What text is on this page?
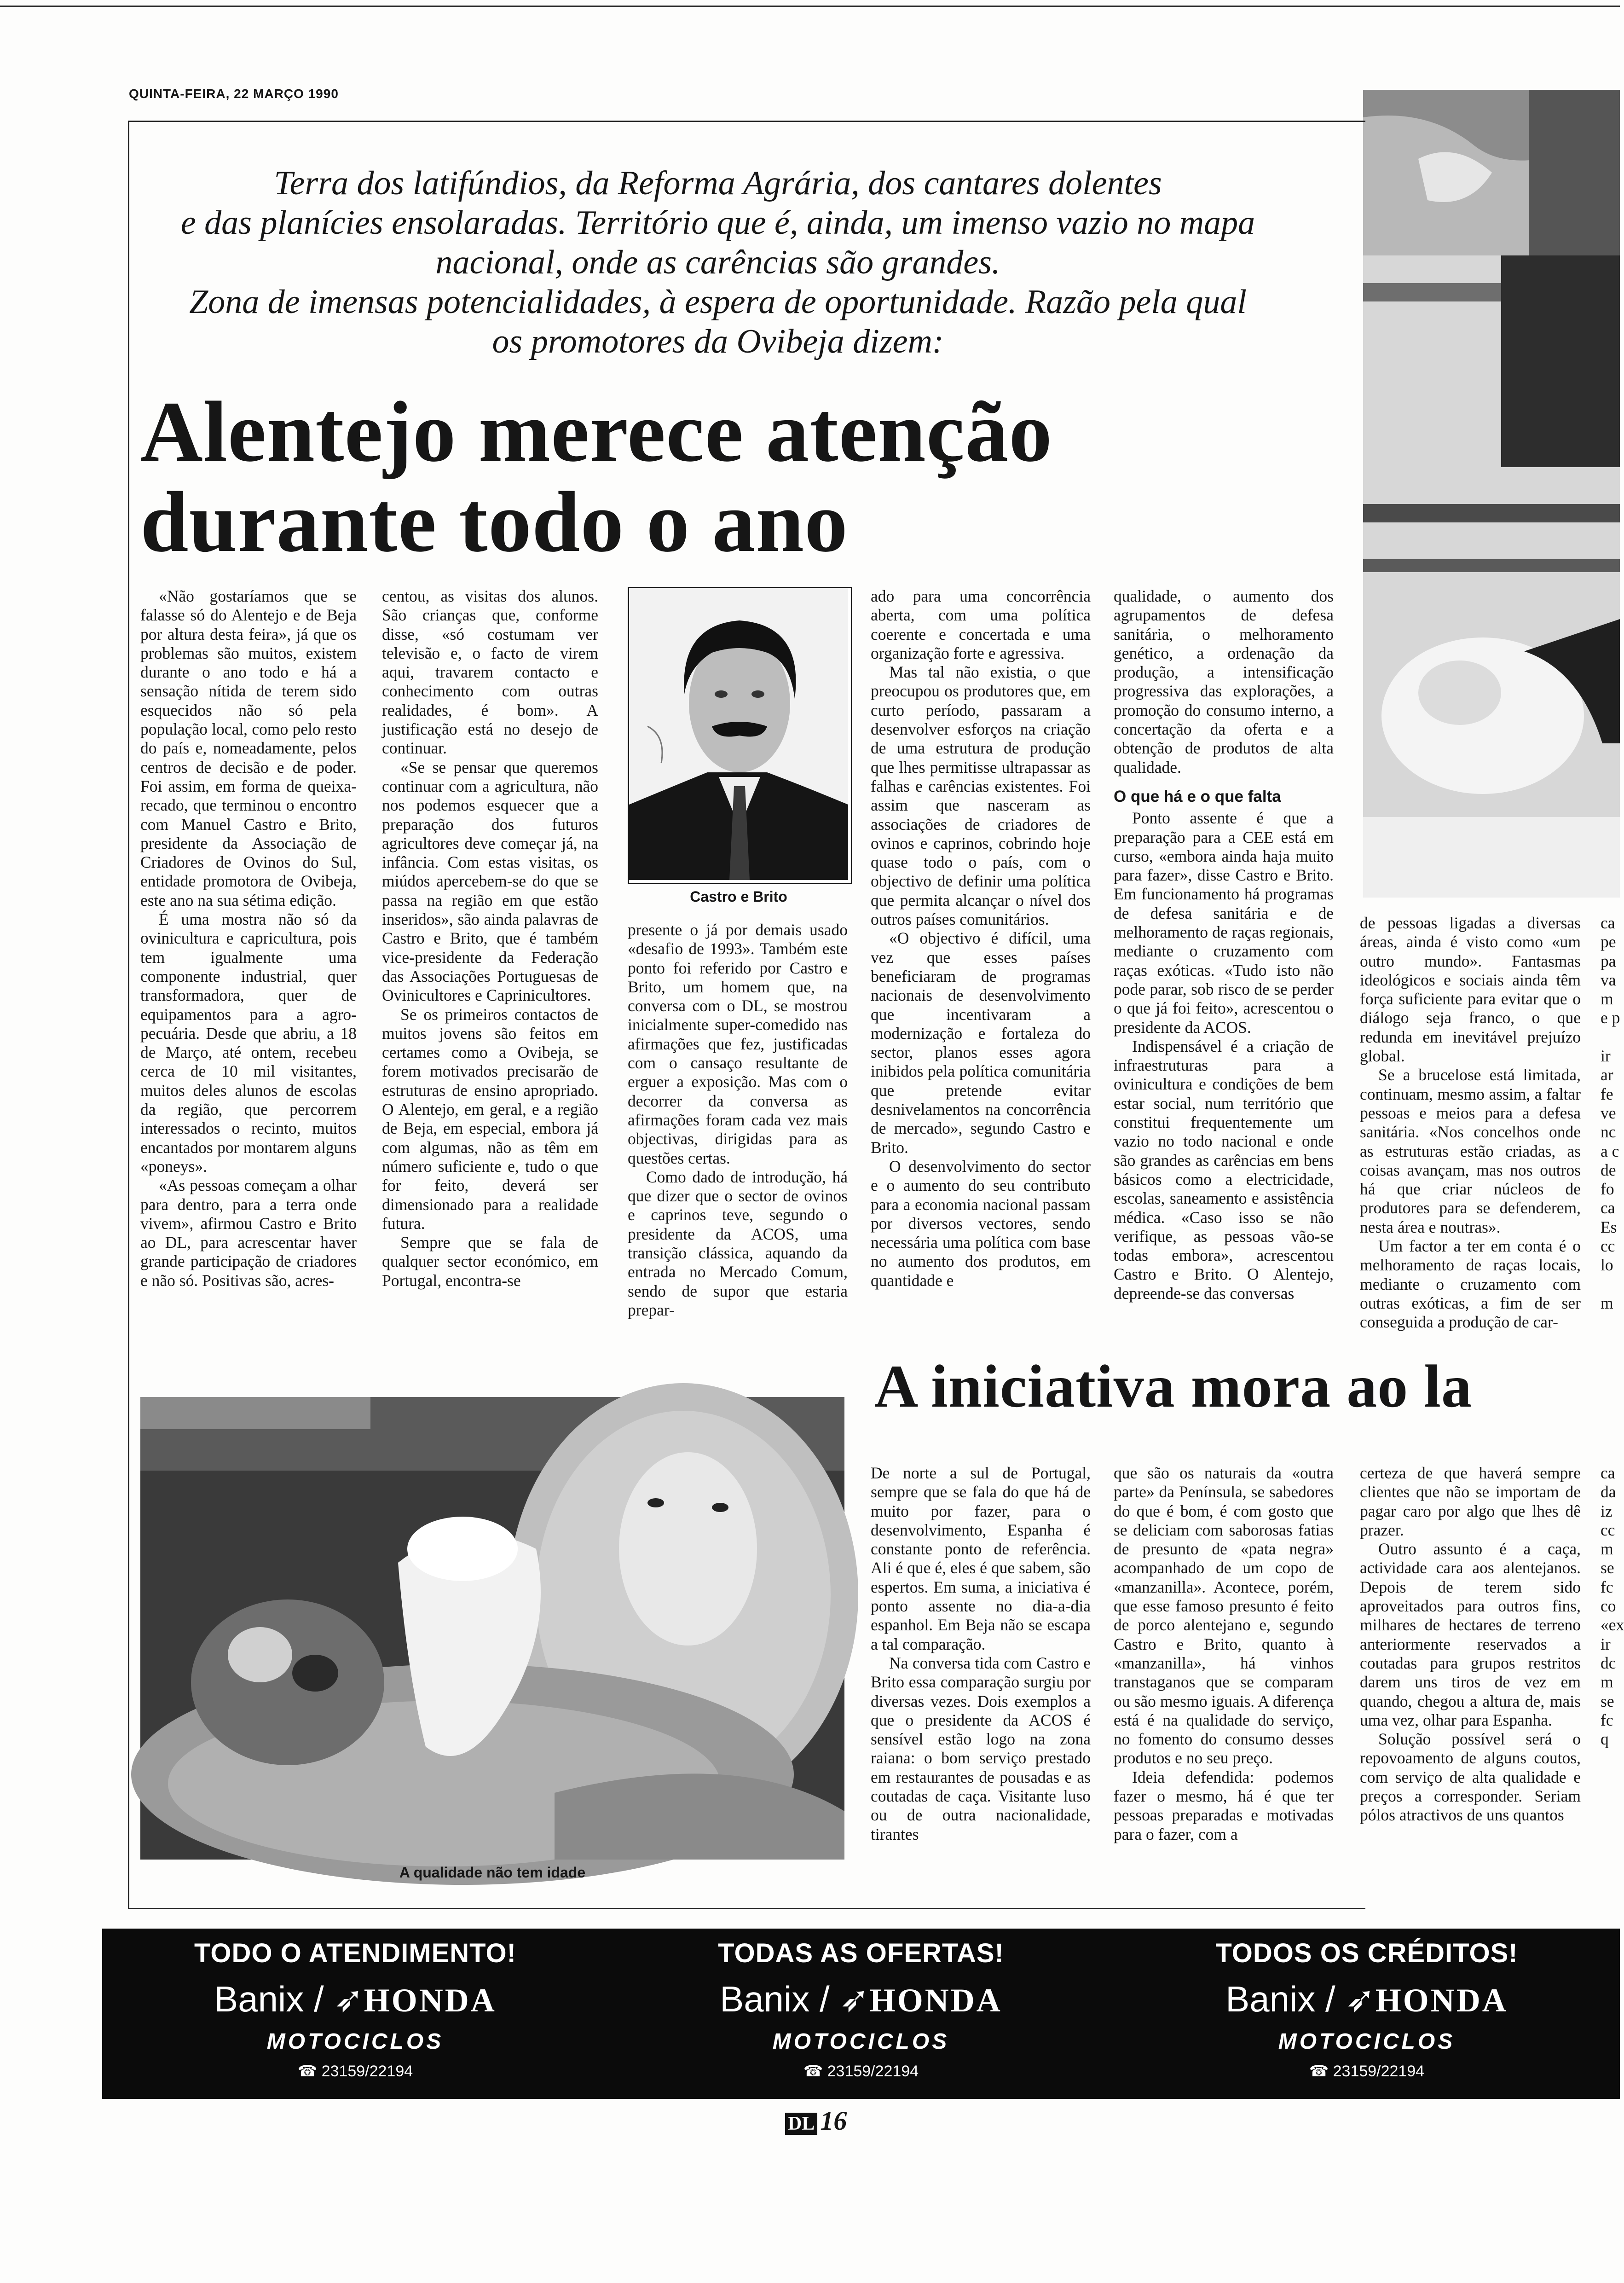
QUINTA-FEIRA, 22 MARÇO 1990
Terra dos latifúndios, da Reforma Agrária, dos cantares dolentes
e das planícies ensolaradas. Território que é, ainda, um imenso vazio no mapa
nacional, onde as carências são grandes.
Zona de imensas potencialidades, à espera de oportunidade. Razão pela qual
os promotores da Ovibeja dizem:
Alentejo merece atenção
durante todo o ano

«Não gostaríamos que se falasse só do Alentejo e de Beja por altura desta feira», já que os problemas são muitos, existem durante o ano todo e há a sensação nítida de terem sido esquecidos não só pela população local, como pelo resto do país e, nomeadamente, pelos centros de decisão e de poder. Foi assim, em forma de queixa-recado, que terminou o encontro com Manuel Castro e Brito, presidente da Associação de Criadores de Ovinos do Sul, entidade promotora de Ovibeja, este ano na sua sétima edição.

É uma mostra não só da ovinicultura e capricultura, pois tem igualmente uma componente industrial, quer transformadora, quer de equipamentos para a agro-pecuária. Desde que abriu, a 18 de Março, até ontem, recebeu cerca de 10 mil visitantes, muitos deles alunos de escolas da região, que percorrem interessados o recinto, muitos encantados por montarem alguns «poneys».

«As pessoas começam a olhar para dentro, para a terra onde vivem», afirmou Castro e Brito ao DL, para acrescentar haver grande participação de criadores e não só. Positivas são, acres-

centou, as visitas dos alunos. São crianças que, conforme disse, «só costumam ver televisão e, o facto de virem aqui, travarem contacto e conhecimento com outras realidades, é bom». A justificação está no desejo de continuar.

«Se se pensar que queremos continuar com a agricultura, não nos podemos esquecer que a preparação dos futuros agricultores deve começar já, na infância. Com estas visitas, os miúdos apercebem-se do que se passa na região em que estão inseridos», são ainda palavras de Castro e Brito, que é também vice-presidente da Federação das Associações Portuguesas de Ovinicultores e Caprinicultores.

Se os primeiros contactos de muitos jovens são feitos em certames como a Ovibeja, se forem motivados precisarão de estruturas de ensino apropriado. O Alentejo, em geral, e a região de Beja, em especial, embora já com algumas, não as têm em número suficiente e, tudo o que for feito, deverá ser dimensionado para a realidade futura.

Sempre que se fala de qualquer sector económico, em Portugal, encontra-se

Castro e Brito

presente o já por demais usado «desafio de 1993». Também este ponto foi referido por Castro e Brito, um homem que, na conversa com o DL, se mostrou inicialmente super-comedido nas afirmações que fez, justificadas com o cansaço resultante de erguer a exposição. Mas com o decorrer da conversa as afirmações foram cada vez mais objectivas, dirigidas para as questões certas.

Como dado de introdução, há que dizer que o sector de ovinos e caprinos teve, segundo o presidente da ACOS, uma transição clássica, aquando da entrada no Mercado Comum, sendo de supor que estaria prepar-

ado para uma concorrência aberta, com uma política coerente e concertada e uma organização forte e agressiva.

Mas tal não existia, o que preocupou os produtores que, em curto período, passaram a desenvolver esforços na criação de uma estrutura de produção que lhes permitisse ultrapassar as falhas e carências existentes. Foi assim que nasceram as associações de criadores de ovinos e caprinos, cobrindo hoje quase todo o país, com o objectivo de definir uma política que permita alcançar o nível dos outros países comunitários.

«O objectivo é difícil, uma vez que esses países beneficiaram de programas nacionais de desenvolvimento que incentivaram a modernização e fortaleza do sector, planos esses agora inibidos pela política comunitária que pretende evitar desnivelamentos na concorrência de mercado», segundo Castro e Brito.

O desenvolvimento do sector e o aumento do seu contributo para a economia nacional passam por diversos vectores, sendo necessária uma política com base no aumento dos produtos, em quantidade e

qualidade, o aumento dos agrupamentos de defesa sanitária, o melhoramento genético, a ordenação da produção, a intensificação progressiva das explorações, a promoção do consumo interno, a concertação da oferta e a obtenção de produtos de alta qualidade.

O que há e o que falta

Ponto assente é que a preparação para a CEE está em curso, «embora ainda haja muito para fazer», disse Castro e Brito. Em funcionamento há programas de defesa sanitária e de melhoramento de raças regionais, mediante o cruzamento com raças exóticas. «Tudo isto não pode parar, sob risco de se perder o que já foi feito», acrescentou o presidente da ACOS.

Indispensável é a criação de infraestruturas para a ovinicultura e condições de bem estar social, num território que constitui frequentemente um vazio no todo nacional e onde são grandes as carências em bens básicos como a electricidade, escolas, saneamento e assistência médica. «Caso isso se não verifique, as pessoas vão-se todas embora», acrescentou Castro e Brito. O Alentejo, depreende-se das conversas

de pessoas ligadas a diversas áreas, ainda é visto como «um outro mundo». Fantasmas ideológicos e sociais ainda têm força suficiente para evitar que o diálogo seja franco, o que redunda em inevitável prejuízo global.

Se a brucelose está limitada, continuam, mesmo assim, a faltar pessoas e meios para a defesa sanitária. «Nos concelhos onde as estruturas estão criadas, as coisas avançam, mas nos outros há que criar núcleos de produtores para se defenderem, nesta área e noutras».

Um factor a ter em conta é o melhoramento de raças locais, mediante o cruzamento com outras exóticas, a fim de ser conseguida a produção de car-

ca
pe
pa
va
m
e p
ir
ar
fe
ve
nc
a c
de
fo
ca
Es
cc
lo
m
A qualidade não tem idade
A iniciativa mora ao la

De norte a sul de Portugal, sempre que se fala do que há de muito por fazer, para o desenvolvimento, Espanha é constante ponto de referência. Ali é que é, eles é que sabem, são espertos. Em suma, a iniciativa é ponto assente no dia-a-dia espanhol. Em Beja não se escapa a tal comparação.

Na conversa tida com Castro e Brito essa comparação surgiu por diversas vezes. Dois exemplos a que o presidente da ACOS é sensível estão logo na zona raiana: o bom serviço prestado em restaurantes de pousadas e as coutadas de caça. Visitante luso ou de outra nacionalidade, tirantes

que são os naturais da «outra parte» da Península, se sabedores do que é bom, é com gosto que se deliciam com saborosas fatias de presunto de «pata negra» acompanhado de um copo de «manzanilla». Acontece, porém, que esse famoso presunto é feito de porco alentejano e, segundo Castro e Brito, quanto à «manzanilla», há vinhos transtaganos que se comparam ou são mesmo iguais. A diferença está é na qualidade do serviço, no fomento do consumo desses produtos e no seu preço.

Ideia defendida: podemos fazer o mesmo, há é que ter pessoas preparadas e motivadas para o fazer, com a

certeza de que haverá sempre clientes que não se importam de pagar caro por algo que lhes dê prazer.

Outro assunto é a caça, actividade cara aos alentejanos. Depois de terem sido aproveitados para outros fins, milhares de hectares de terreno anteriormente reservados a coutadas para grupos restritos darem uns tiros de vez em quando, chegou a altura de, mais uma vez, olhar para Espanha.

Solução possível será o repovoamento de alguns coutos, com serviço de alta qualidade e preços a corresponder. Seriam pólos atractivos de uns quantos

ca
da
iz
cc
m
se
fc
co
«ex
ir
dc
m
se
fc
q
TODO O ATENDIMENTO!
Banix / ➶HONDA
MOTOCICLOS
☎ 23159/22194
TODAS AS OFERTAS!
Banix / ➶HONDA
MOTOCICLOS
☎ 23159/22194
TODOS OS CRÉDITOS!
Banix / ➶HONDA
MOTOCICLOS
☎ 23159/22194
DL 16
